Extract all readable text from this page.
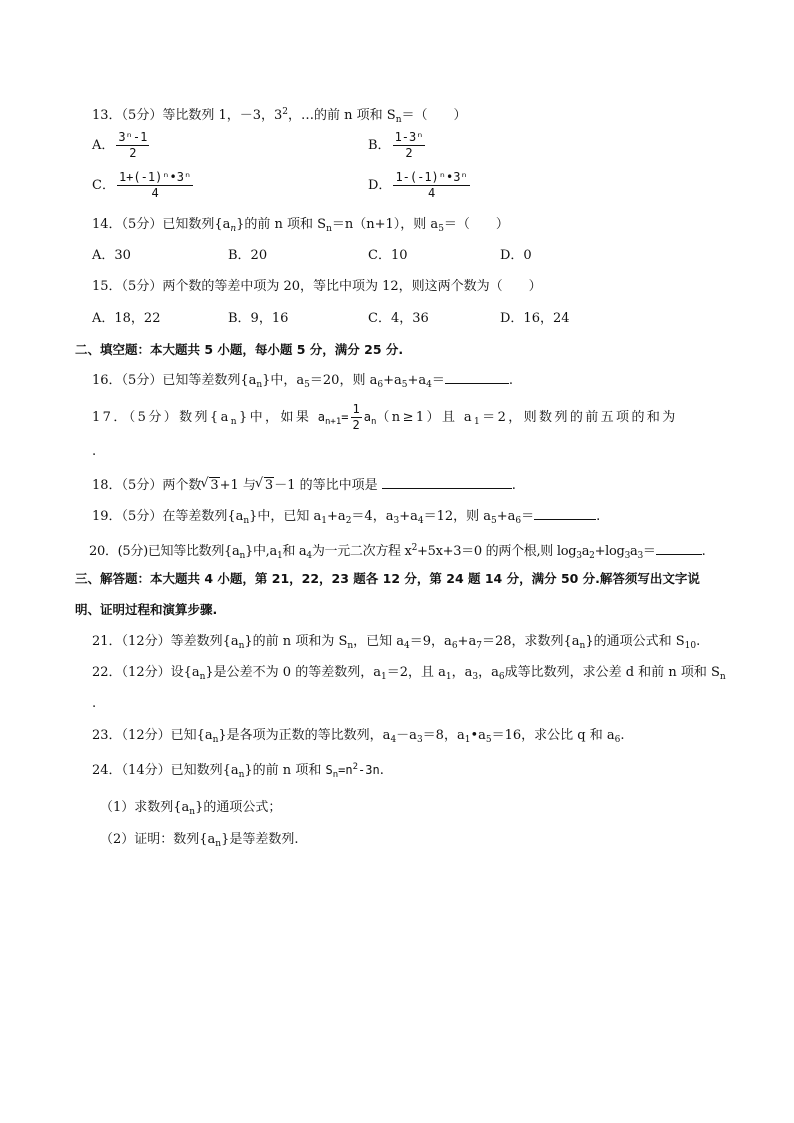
13．（5分）等比数列 1，－3，$3^2$，…的前 n 项和 $S_n=$（　　）
A． $\frac{\text{3ⁿ-1}}{2}$	B． $\frac{\text{1-3ⁿ}}{2}$
C． $\frac{\text{1+(-1)ⁿ•3ⁿ}}{4}$	D． $\frac{\text{1-(-1)ⁿ•3ⁿ}}{4}$
14．（5分）已知数列$\{a_n\}$的前 n 项和 $S_n=n(n+1)$，则 $a_5=$（　　）
A．30	B．20	C．10	D．0
15．（5分）两个数的等差中项为 20，等比中项为 12，则这两个数为（　　）
A．18，22	B．9，16	C．4，36	D．16，24
二、填空题：本大题共 5 小题，每小题 5 分，满分 25 分.
16．（5分）已知等差数列$\{a_n\}$中，$a_5=20$，则 $a_6+a_5+a_4=$	.
17．（5分）数列$\{a_n\}$中，如果 $a_{n+1}= \frac{1}{2} a_n(n\ge 1)$且 $a_1=2$，则数列的前五项的和为
.
18．（5分）两个数 √ 3+1 与 √ 3－1 的等比中项是	.
19．（5分）在等差数列$\{a_n\}$中，已知 $a_1+a_2=4$，$a_3+a_4=12$，则 $a_5+a_6=$	.
20．(5分)已知等比数列$\{a_n\}$中$,a_1$和 $a_4$为一元二次方程 $x^2+5x+3=0$ 的两个根,则 $\log_3a_2+\log_3a_3=$	.
三、解答题：本大题共 4 小题，第 21，22，23 题各 12 分，第 24 题 14 分，满分 50 分.解答须写出文字说
明、证明过程和演算步骤.
21．（12分）等差数列$\{a_n\}$的前 n 项和为 $S_n$，已知 $a_4=9$，$a_6+a_7=28$，求数列$\{a_n\}$的通项公式和 $S_{10}$.
22．（12分）设$\{a_n\}$是公差不为 0 的等差数列，$a_1=2$，且 $a_1$，$a_3$，$a_6$成等比数列，求公差 d 和前 n 项和 $S_n$
.
23．（12分）已知$\{a_n\}$是各项为正数的等比数列，$a_4-a_3=8$，$a_1•a_5=16$，求公比 q 和 $a_6$.
24．（14分）已知数列$\{a_n\}$的前 n 项和 $S_n=n^2-3n$.
（1）求数列$\{a_n\}$的通项公式；
（2）证明：数列$\{a_n\}$是等差数列.
